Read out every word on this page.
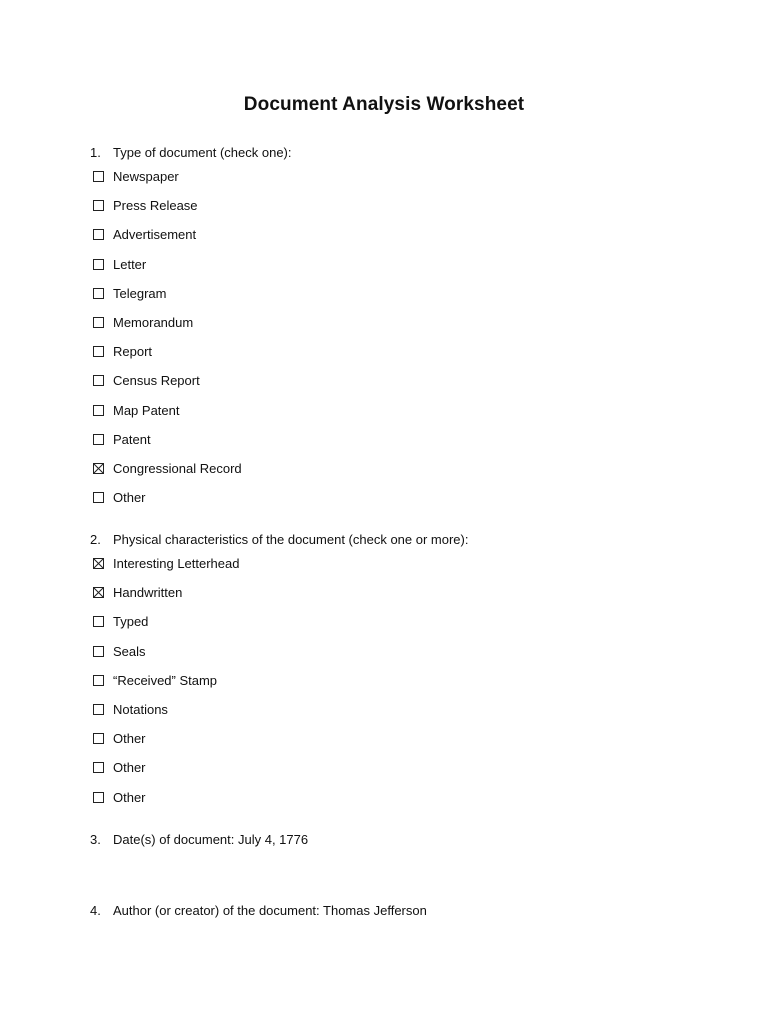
Document Analysis Worksheet
1. Type of document (check one):
Newspaper
Press Release
Advertisement
Letter
Telegram
Memorandum
Report
Census Report
Map Patent
Patent
Congressional Record
Other
2. Physical characteristics of the document (check one or more):
Interesting Letterhead
Handwritten
Typed
Seals
“Received” Stamp
Notations
Other
Other
Other
3. Date(s) of document: July 4, 1776
4. Author (or creator) of the document: Thomas Jefferson
